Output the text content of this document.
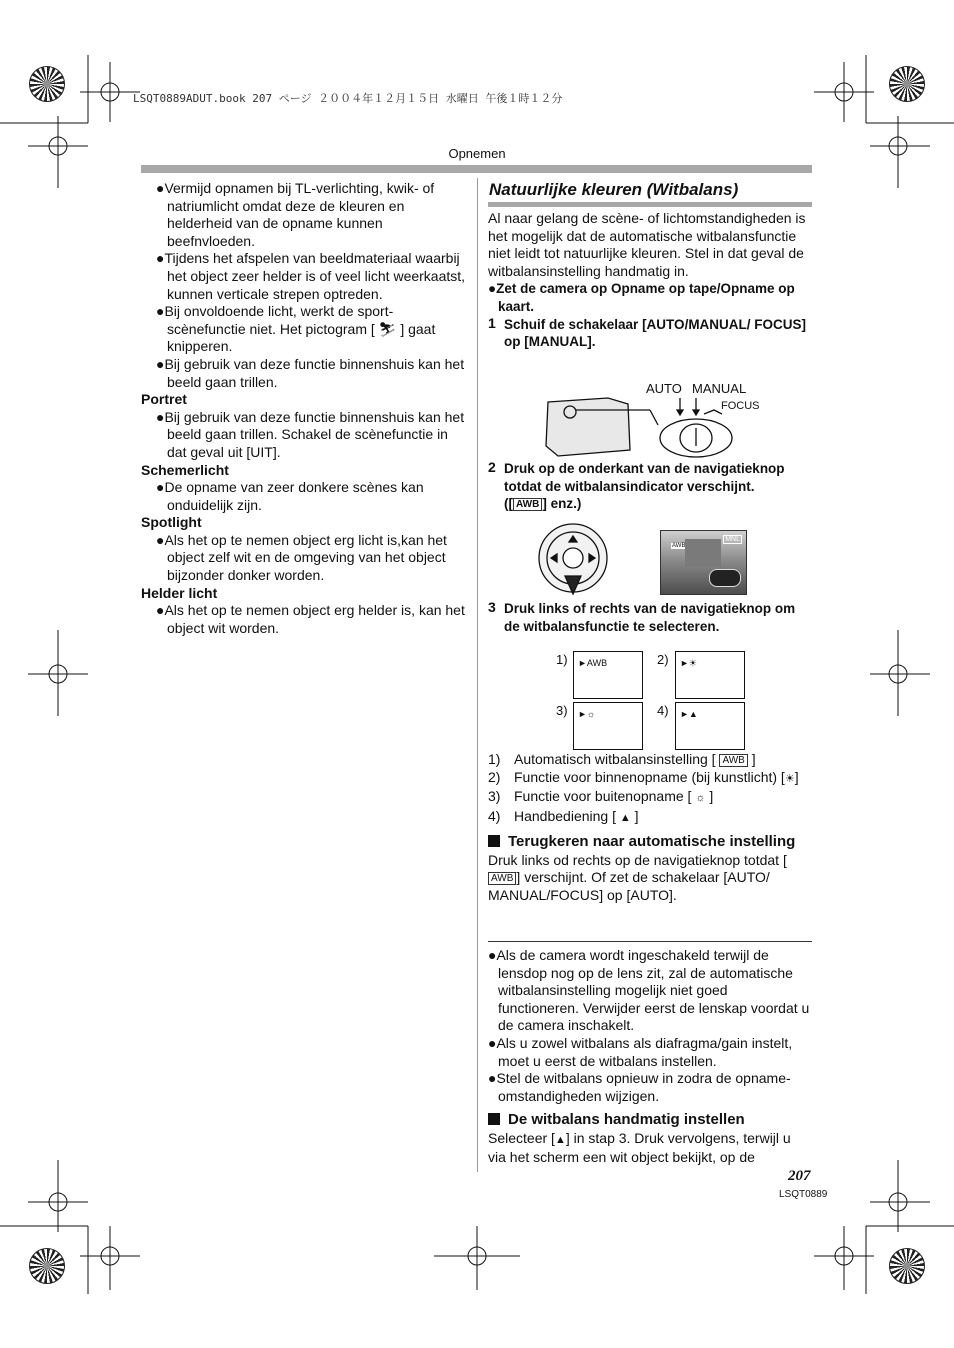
LSQT0889ADUT.book 207 ページ ２００４年１２月１５日 水曜日 午後１時１２分
Opnemen

●Vermijd opnamen bij TL-verlichting, kwik- of natriumlicht omdat deze de kleuren en helderheid van de opname kunnen beefnvloeden.

●Tijdens het afspelen van beeldmateriaal waarbij het object zeer helder is of veel licht weerkaatst, kunnen verticale strepen optreden.

●Bij onvoldoende licht, werkt de sport-scènefunctie niet. Het pictogram [ ⛷ ] gaat knipperen.

●Bij gebruik van deze functie binnenshuis kan het beeld gaan trillen.

Portret

●Bij gebruik van deze functie binnenshuis kan het beeld gaan trillen. Schakel de scènefunctie in dat geval uit [UIT].

Schemerlicht

●De opname van zeer donkere scènes kan onduidelijk zijn.

Spotlight

●Als het op te nemen object erg licht is,kan het object zelf wit en de omgeving van het object bijzonder donker worden.

Helder licht

●Als het op te nemen object erg helder is, kan het object wit worden.

Natuurlijke kleuren (Witbalans)

Al naar gelang de scène- of lichtomstandigheden is het mogelijk dat de automatische witbalansfunctie niet leidt tot natuurlijke kleuren. Stel in dat geval de witbalansinstelling handmatig in.

●Zet de camera op Opname op tape/Opname op kaart.

1 Schuif de schakelaar [AUTO/MANUAL/ FOCUS] op [MANUAL].
AUTO MANUAL
FOCUS
2 Druk op de onderkant van de navigatieknop totdat de witbalansindicator verschijnt.
([ AWB ] enz.)
AWB
MNL
3 Druk links of rechts van de navigatieknop om de witbalansfunctie te selecteren.
1)	2)
3)	4)
►AWB	►☀
►☼	►▲
1) Automatisch witbalansinstelling [ AWB ]
2) Functie voor binnenopname (bij kunstlicht) [☀]
3) Functie voor buitenopname [ ☼ ]
4) Handbediening [ ▲ ]
Terugkeren naar automatische instelling

Druk links od rechts op de navigatieknop totdat [AWB ] verschijnt. Of zet de schakelaar [AUTO/ MANUAL/FOCUS] op [AUTO].

●Als de camera wordt ingeschakeld terwijl de lensdop nog op de lens zit, zal de automatische witbalansinstelling mogelijk niet goed functioneren. Verwijder eerst de lenskap voordat u de camera inschakelt.

●Als u zowel witbalans als diafragma/gain instelt, moet u eerst de witbalans instellen.

●Stel de witbalans opnieuw in zodra de opname-omstandigheden wijzigen.

De witbalans handmatig instellen

Selecteer [▲] in stap 3. Druk vervolgens, terwijl u via het scherm een wit object bekijkt, op de

207
LSQT0889
